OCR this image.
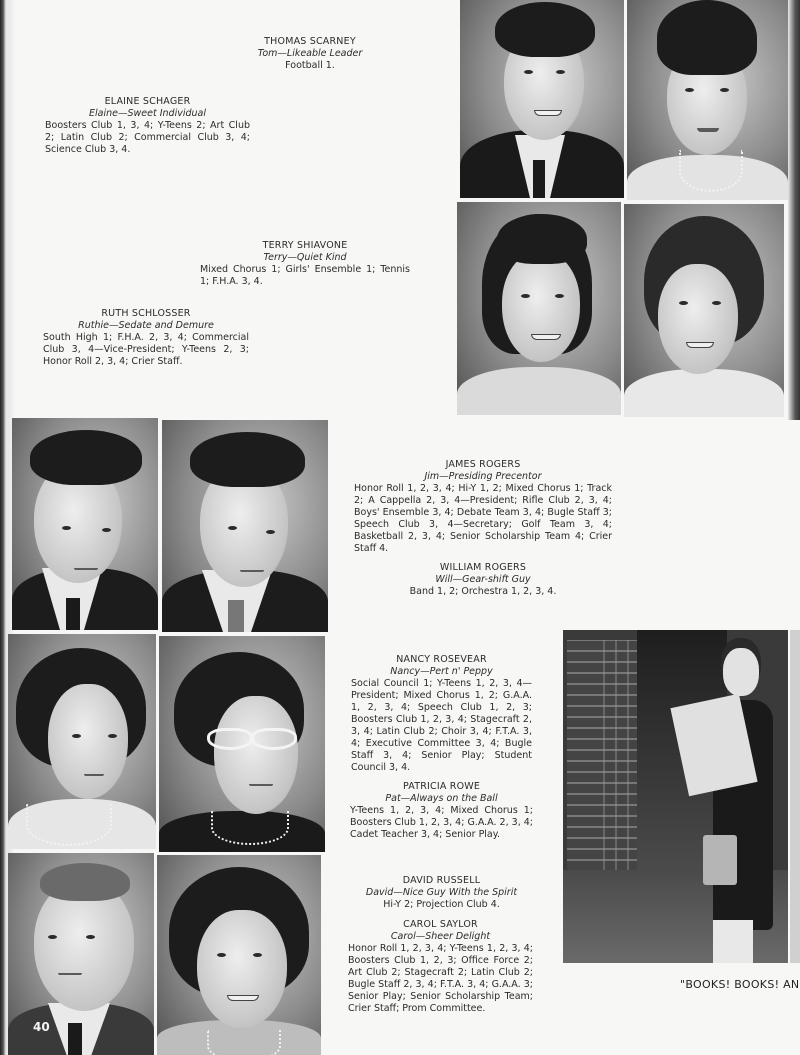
THOMAS SCARNEY
Tom—Likeable Leader
Football 1.
ELAINE SCHAGER
Elaine—Sweet Individual
Boosters Club 1, 3, 4; Y-Teens 2; Art Club 2; Latin Club 2; Commercial Club 3, 4; Science Club 3, 4.
TERRY SHIAVONE
Terry—Quiet Kind
Mixed Chorus 1; Girls' Ensemble 1; Tennis 1; F.H.A. 3, 4.
RUTH SCHLOSSER
Ruthie—Sedate and Demure
South High 1; F.H.A. 2, 3, 4; Commercial Club 3, 4—Vice-President; Y-Teens 2, 3; Honor Roll 2, 3, 4; Crier Staff.
40
JAMES ROGERS
Jim—Presiding Precentor
Honor Roll 1, 2, 3, 4; Hi-Y 1, 2; Mixed Chorus 1; Track 2; A Cappella 2, 3, 4—President; Rifle Club 2, 3, 4; Boys' Ensemble 3, 4; Debate Team 3, 4; Bugle Staff 3; Speech Club 3, 4—Secretary; Golf Team 3, 4; Basketball 2, 3, 4; Senior Scholarship Team 4; Crier Staff 4.
WILLIAM ROGERS
Will—Gear-shift Guy
Band 1, 2; Orchestra 1, 2, 3, 4.
NANCY ROSEVEAR
Nancy—Pert n' Peppy
Social Council 1; Y-Teens 1, 2, 3, 4—President; Mixed Chorus 1, 2; G.A.A. 1, 2, 3, 4; Speech Club 1, 2, 3; Boosters Club 1, 2, 3, 4; Stagecraft 2, 3, 4; Latin Club 2; Choir 3, 4; F.T.A. 3, 4; Executive Committee 3, 4; Bugle Staff 3, 4; Senior Play; Student Council 3, 4.
PATRICIA ROWE
Pat—Always on the Ball
Y-Teens 1, 2, 3, 4; Mixed Chorus 1; Boosters Club 1, 2, 3, 4; G.A.A. 2, 3, 4; Cadet Teacher 3, 4; Senior Play.
DAVID RUSSELL
David—Nice Guy With the Spirit
Hi-Y 2; Projection Club 4.
CAROL SAYLOR
Carol—Sheer Delight
Honor Roll 1, 2, 3, 4; Y-Teens 1, 2, 3, 4; Boosters Club 1, 2, 3; Office Force 2; Art Club 2; Stagecraft 2; Latin Club 2; Bugle Staff 2, 3, 4; F.T.A. 3, 4; G.A.A. 3; Senior Play; Senior Scholarship Team; Crier Staff; Prom Committee.
"BOOKS! BOOKS! AN
